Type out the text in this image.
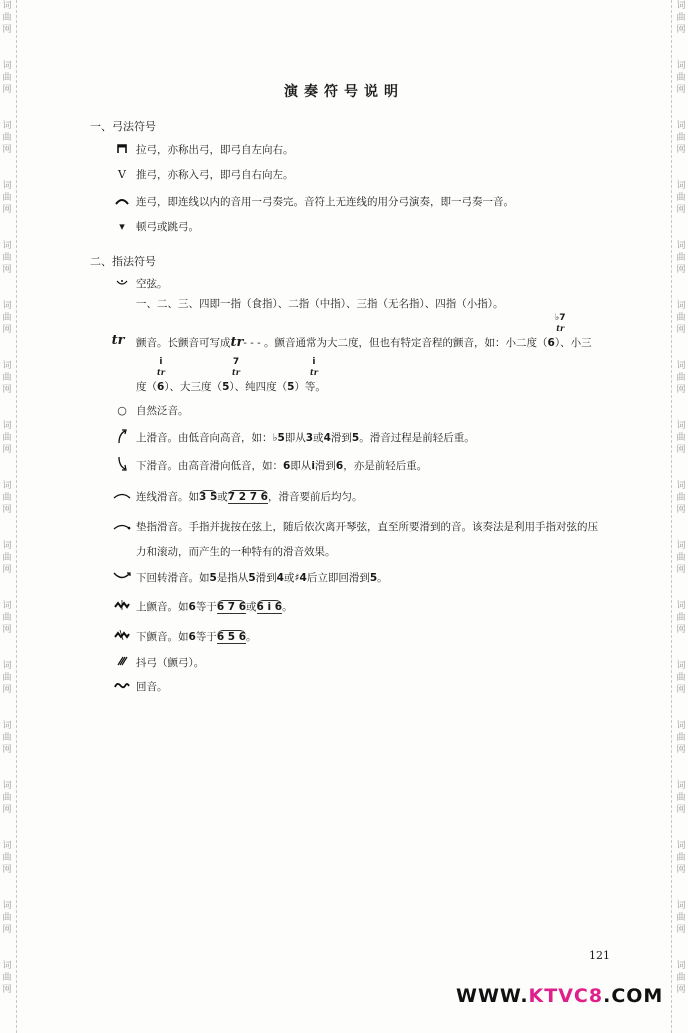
词
曲
网
词
曲
网
词
曲
网
词
曲
网
词
曲
网
词
曲
网
词
曲
网
词
曲
网
词
曲
网
词
曲
网
词
曲
网
词
曲
网
词
曲
网
词
曲
网
词
曲
网
词
曲
网
词
曲
网
词
曲
网
词
曲
网
词
曲
网
词
曲
网
词
曲
网
词
曲
网
词
曲
网
词
曲
网
词
曲
网
词
曲
网
词
曲
网
词
曲
网
词
曲
网
词
曲
网
词
曲
网
词
曲
网
词
曲
网
演奏符号说明
一、弓法符号
拉弓，亦称出弓，即弓自左向右。
V 推弓，亦称入弓，即弓自右向左。
连弓，即连线以内的音用一弓奏完。音符上无连线的用分弓演奏，即一弓奏一音。
▾	顿弓或跳弓。
二、指法符号
空弦。
一、二、三、四即一指（食指）、二指（中指）、三指（无名指）、四指（小指）。
tr	颤音。长颤音可写成tr- - - 。颤音通常为大二度，但也有特定音程的颤音，如：小二度（6）、小三
♭7
tr
度（6）、大三度（5）、纯四度（5）等。
i
tr
7
tr
i
tr
○ 自然泛音。
上滑音。由低音向高音，如：♭5即从3或4滑到5。滑音过程是前轻后重。
下滑音。由高音滑向低音，如：6即从i滑到6，亦是前轻后重。
连线滑音。如3 5或7 2 7 6，滑音要前后均匀。
垫指滑音。手指并拢按在弦上，随后依次离开琴弦，直至所要滑到的音。该奏法是利用手指对弦的压
力和滚动，而产生的一种特有的滑音效果。
下回转滑音。如5是指从5滑到4或♯4后立即回滑到5。
上颤音。如6等于6 7 6或6 i 6。
下颤音。如6等于6 5 6。
抖弓（颤弓）。
回音。
121
WWW.KTVC8.COM
